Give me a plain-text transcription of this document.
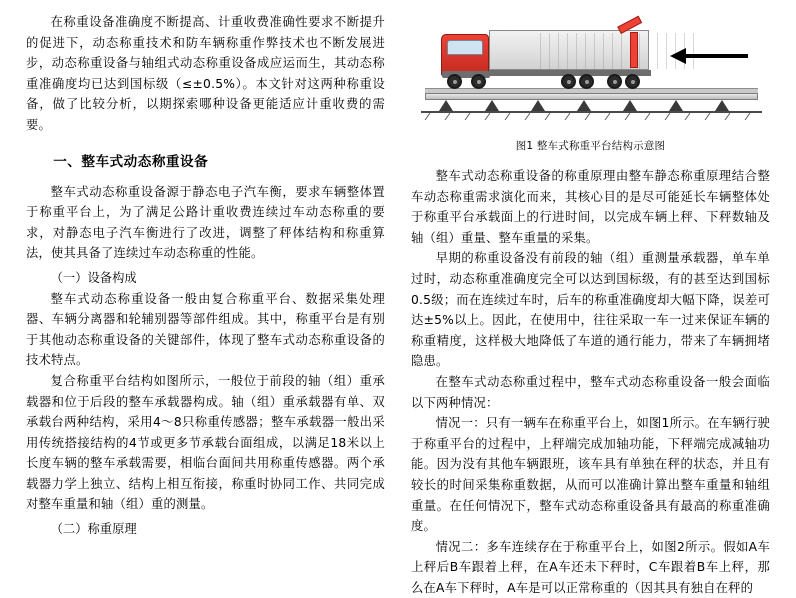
在称重设备准确度不断提高、计重收费准确性要求不断提升的促进下，动态称重技术和防车辆称重作弊技术也不断发展进步，动态称重设备与轴组式动态称重设备成应运而生，其动态称重准确度均已达到国标级（≤±0.5%）。本文针对这两种称重设备，做了比较分析，以期探索哪种设备更能适应计重收费的需要。

一、整车式动态称重设备

整车式动态称重设备源于静态电子汽车衡，要求车辆整体置于称重平台上，为了满足公路计重收费连续过车动态称重的要求，对静态电子汽车衡进行了改进，调整了秤体结构和称重算法，使其具备了连续过车动态称重的性能。

（一）设备构成

整车式动态称重设备一般由复合称重平台、数据采集处理器、车辆分离器和轮辅别器等部件组成。其中，称重平台是有别于其他动态称重设备的关键部件，体现了整车式动态称重设备的技术特点。

复合称重平台结构如图所示，一般位于前段的轴（组）重承载器和位于后段的整车承载器构成。轴（组）重承载器有单、双承载台两种结构，采用4～8只称重传感器；整车承载器一般出采用传统搭接结构的4节或更多节承载台面组成，以满足18米以上长度车辆的整车承载需要，相临台面间共用称重传感器。两个承载器力学上独立、结构上相互衔接，称重时协同工作、共同完成对整车重量和轴（组）重的测量。

（二）称重原理
图1 整车式称重平台结构示意图

整车式动态称重设备的称重原理由整车静态称重原理结合整车动态称重需求演化而来，其核心目的是尽可能延长车辆整体处于称重平台承载面上的行进时间，以完成车辆上秤、下秤数轴及轴（组）重量、整车重量的采集。

早期的称重设备没有前段的轴（组）重测量承载器，单车单过时，动态称重准确度完全可以达到国标级，有的甚至达到国标0.5级；而在连续过车时，后车的称重准确度却大幅下降，误差可达±5%以上。因此，在使用中，往往采取一车一过来保证车辆的称重精度，这样极大地降低了车道的通行能力，带来了车辆拥堵隐患。

在整车式动态称重过程中，整车式动态称重设备一般会面临以下两种情况：

情况一：只有一辆车在称重平台上，如图1所示。在车辆行驶于称重平台的过程中，上秤端完成加轴功能，下秤端完成减轴功能。因为没有其他车辆跟班，该车具有单独在秤的状态，并且有较长的时间采集称重数据，从而可以准确计算出整车重量和轴组重量。在任何情况下，整车式动态称重设备具有最高的称重准确度。

情况二：多车连续存在于称重平台上，如图2所示。假如A车上秤后B车跟着上秤，在A车还未下秤时，C车跟着B车上秤，那么在A车下秤时，A车是可以正常称重的（因其具有独自在秤的
